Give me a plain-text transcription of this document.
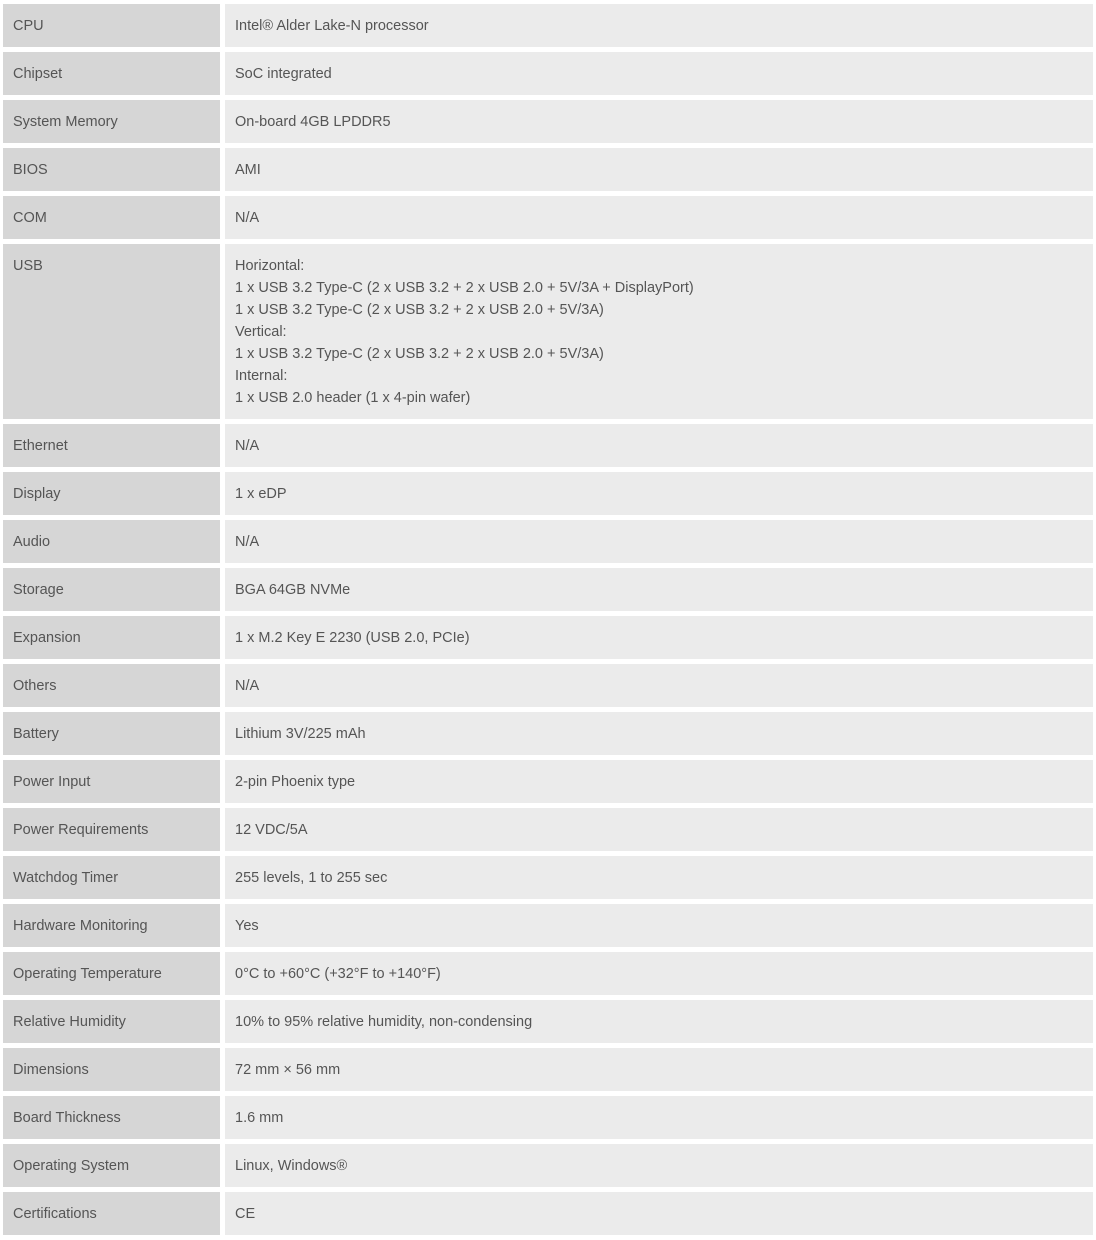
CPU	Intel® Alder Lake-N processor
Chipset	SoC integrated
System Memory	On-board 4GB LPDDR5
BIOS	AMI
COM	N/A
USB	Horizontal:
1 x USB 3.2 Type-C (2 x USB 3.2 + 2 x USB 2.0 + 5V/3A + DisplayPort)
1 x USB 3.2 Type-C (2 x USB 3.2 + 2 x USB 2.0 + 5V/3A)
Vertical:
1 x USB 3.2 Type-C (2 x USB 3.2 + 2 x USB 2.0 + 5V/3A)
Internal:
1 x USB 2.0 header (1 x 4-pin wafer)
Ethernet	N/A
Display	1 x eDP
Audio	N/A
Storage	BGA 64GB NVMe
Expansion	1 x M.2 Key E 2230 (USB 2.0, PCIe)
Others	N/A
Battery	Lithium 3V/225 mAh
Power Input	2-pin Phoenix type
Power Requirements	12 VDC/5A
Watchdog Timer	255 levels, 1 to 255 sec
Hardware Monitoring	Yes
Operating Temperature	0°C to +60°C (+32°F to +140°F)
Relative Humidity	10% to 95% relative humidity, non-condensing
Dimensions	72 mm × 56 mm
Board Thickness	1.6 mm
Operating System	Linux, Windows®
Certifications	CE
